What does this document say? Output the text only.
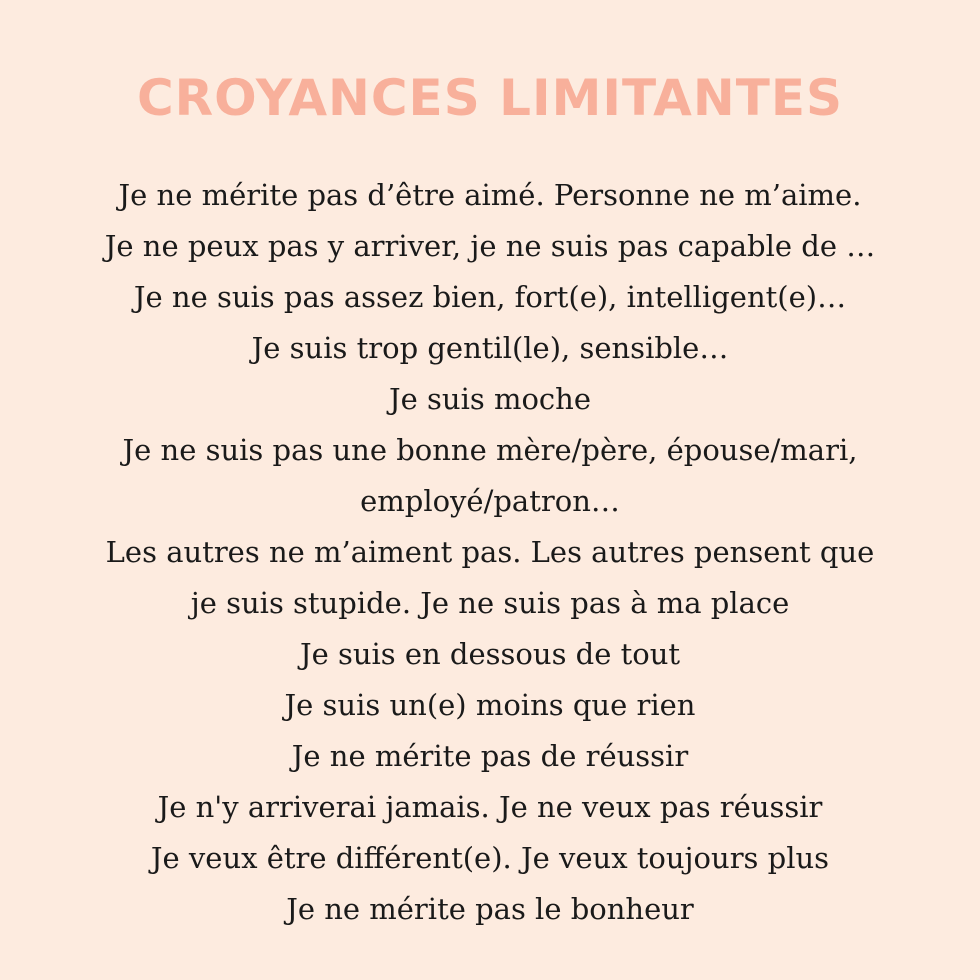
CROYANCES LIMITANTES
Je ne mérite pas d’être aimé. Personne ne m’aime.
Je ne peux pas y arriver, je ne suis pas capable de …
Je ne suis pas assez bien, fort(e), intelligent(e)…
Je suis trop gentil(le), sensible…
Je suis moche
Je ne suis pas une bonne mère/père, épouse/mari,
employé/patron…
Les autres ne m’aiment pas. Les autres pensent que
je suis stupide. Je ne suis pas à ma place
Je suis en dessous de tout
Je suis un(e) moins que rien
Je ne mérite pas de réussir
Je n'y arriverai jamais. Je ne veux pas réussir
Je veux être différent(e). Je veux toujours plus
Je ne mérite pas le bonheur
